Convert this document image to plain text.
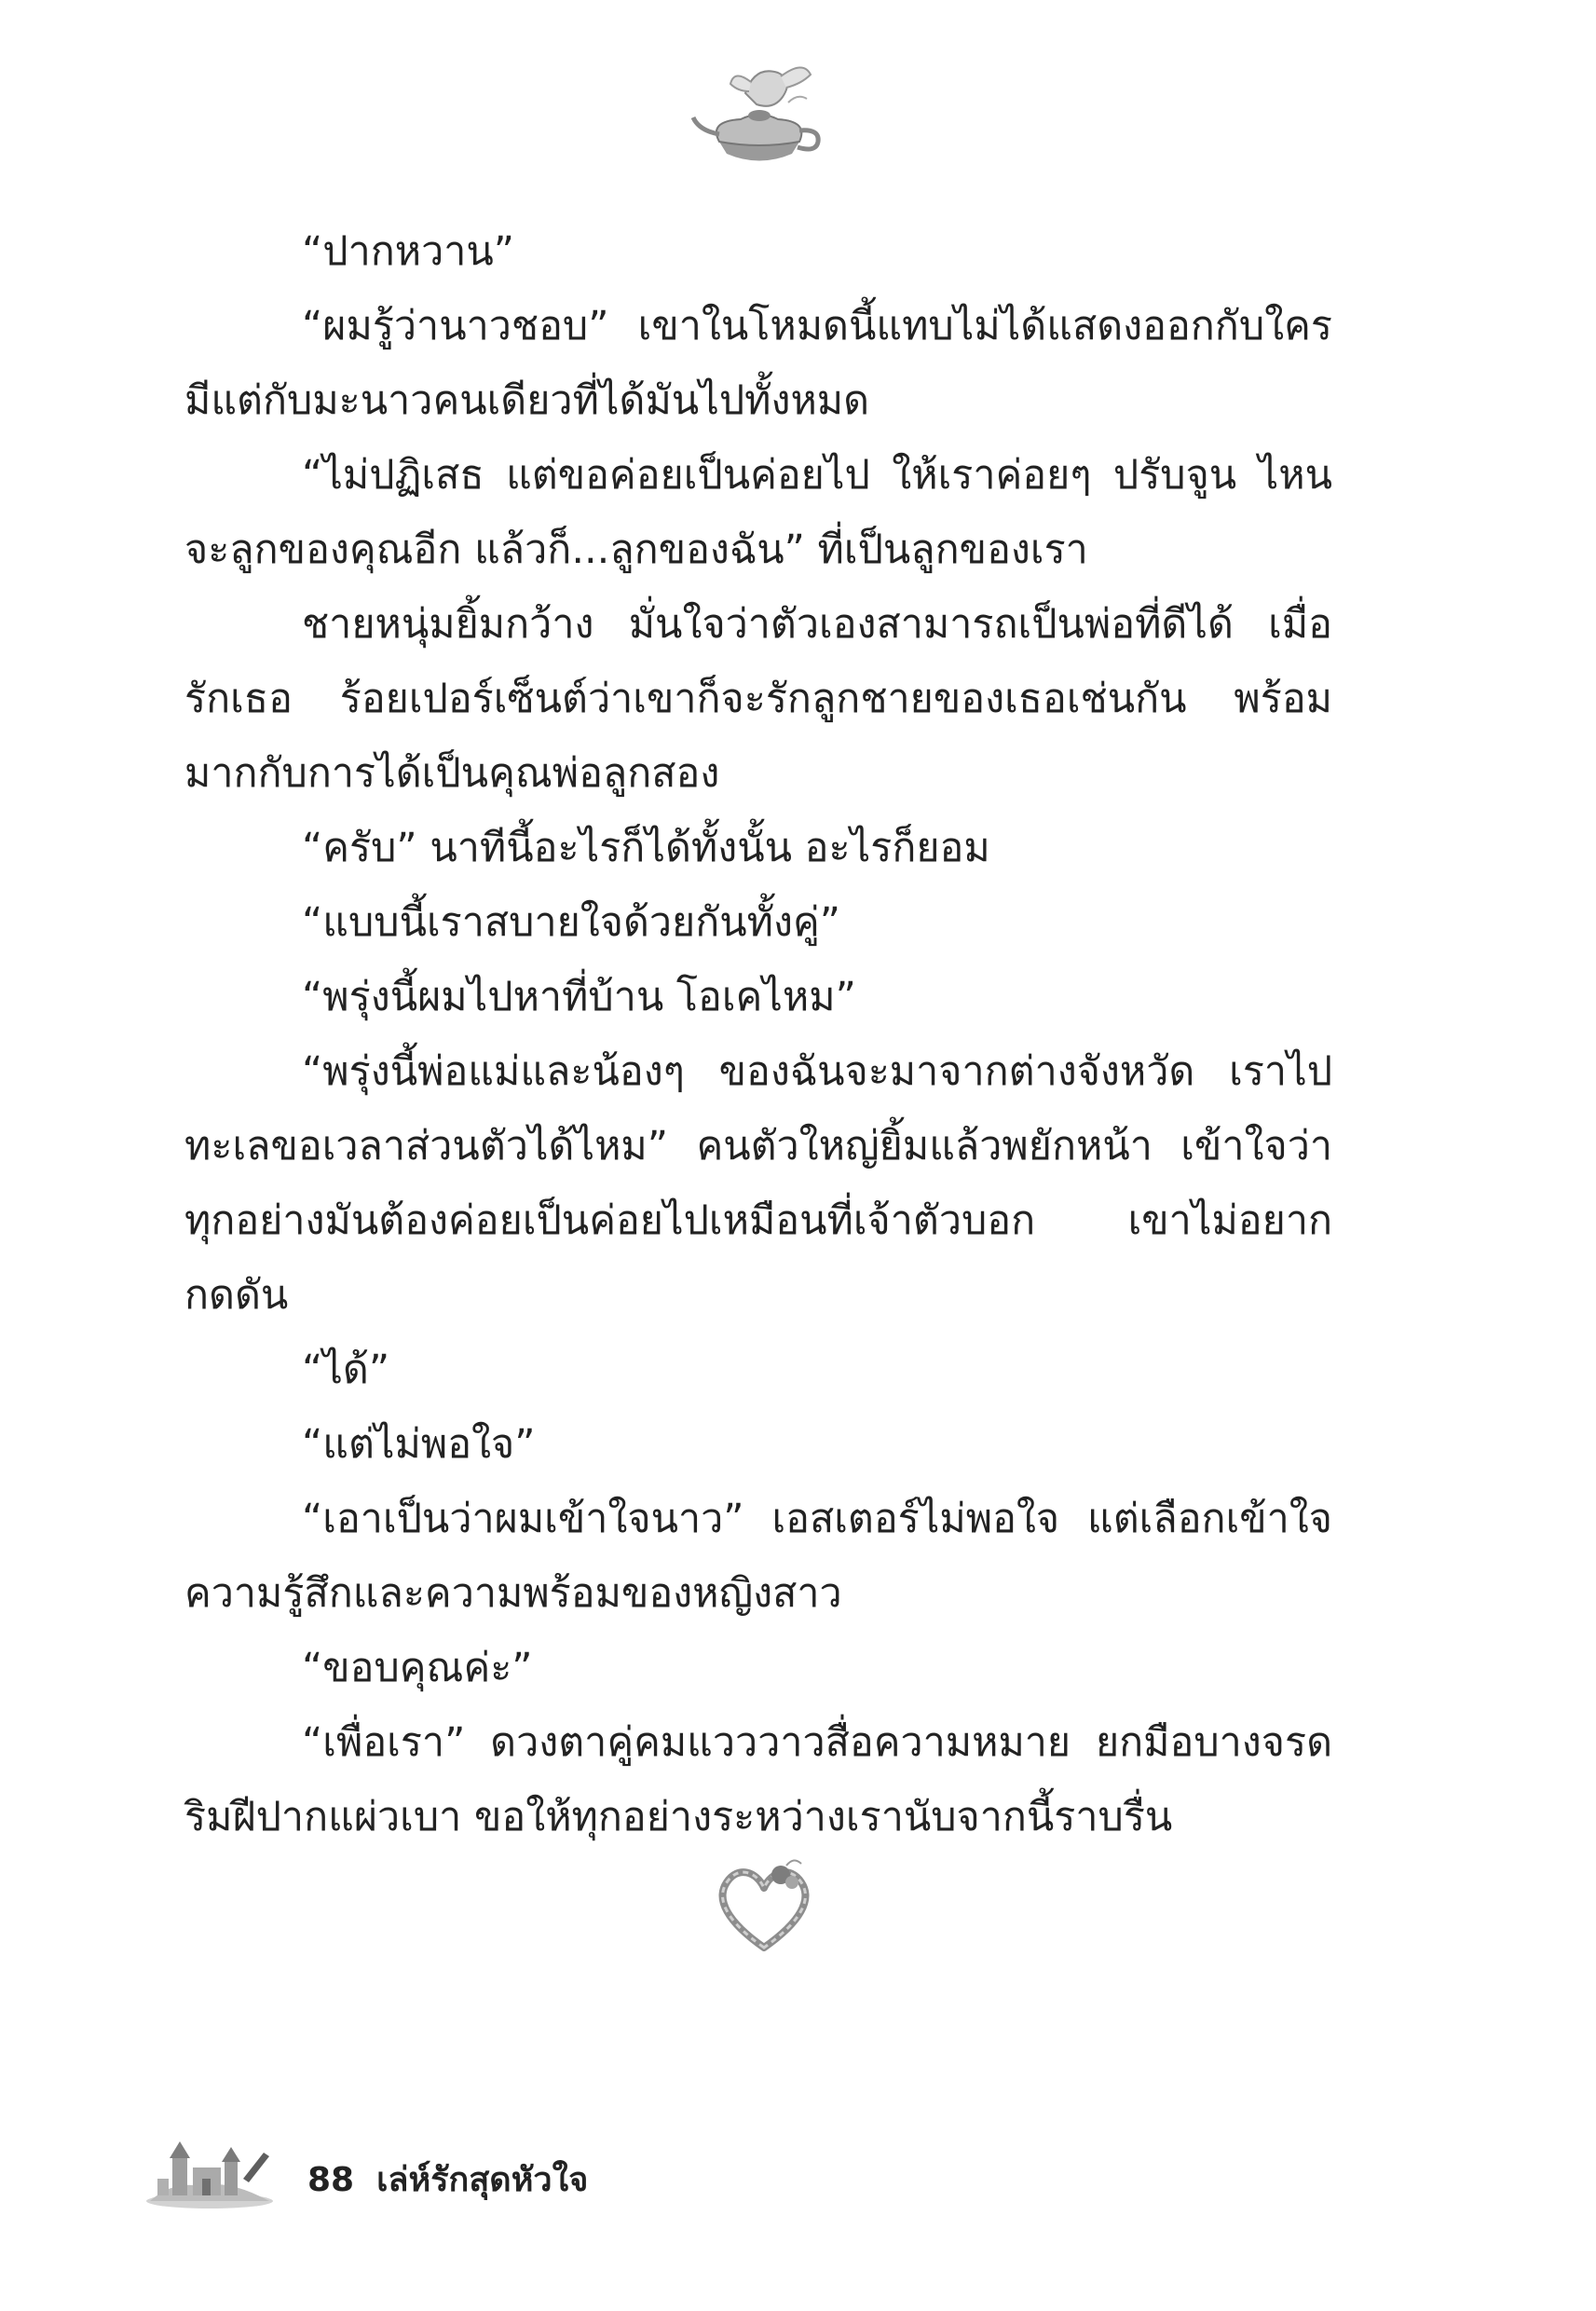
“ปากหวาน”

“ผมรู้ว่านาวชอบ” เขาในโหมดนี้แทบไม่ได้แสดงออกกับใคร มีแต่กับมะนาวคนเดียวที่ได้มันไปทั้งหมด

“ไม่ปฏิเสธ แต่ขอค่อยเป็นค่อยไป ให้เราค่อยๆ ปรับจูน ไหนจะลูกของคุณอีก แล้วก็...ลูกของฉัน” ที่เป็นลูกของเรา

ชายหนุ่มยิ้มกว้าง มั่นใจว่าตัวเองสามารถเป็นพ่อที่ดีได้ เมื่อรักเธอ ร้อยเปอร์เซ็นต์ว่าเขาก็จะรักลูกชายของเธอเช่นกัน พร้อมมากกับการได้เป็นคุณพ่อลูกสอง

“ครับ” นาทีนี้อะไรก็ได้ทั้งนั้น อะไรก็ยอม

“แบบนี้เราสบายใจด้วยกันทั้งคู่”

“พรุ่งนี้ผมไปหาที่บ้าน โอเคไหม”

“พรุ่งนี้พ่อแม่และน้องๆ ของฉันจะมาจากต่างจังหวัด เราไปทะเลขอเวลาส่วนตัวได้ไหม” คนตัวใหญ่ยิ้มแล้วพยักหน้า เข้าใจว่าทุกอย่างมันต้องค่อยเป็นค่อยไปเหมือนที่เจ้าตัวบอก เขาไม่อยากกดดัน

“ได้”

“แต่ไม่พอใจ”

“เอาเป็นว่าผมเข้าใจนาว” เอสเตอร์ไม่พอใจ แต่เลือกเข้าใจความรู้สึกและความพร้อมของหญิงสาว

“ขอบคุณค่ะ”

“เพื่อเรา” ดวงตาคู่คมแวววาวสื่อความหมาย ยกมือบางจรดริมฝีปากแผ่วเบา ขอให้ทุกอย่างระหว่างเรานับจากนี้ราบรื่น

88 เล่ห์รักสุดหัวใจ
